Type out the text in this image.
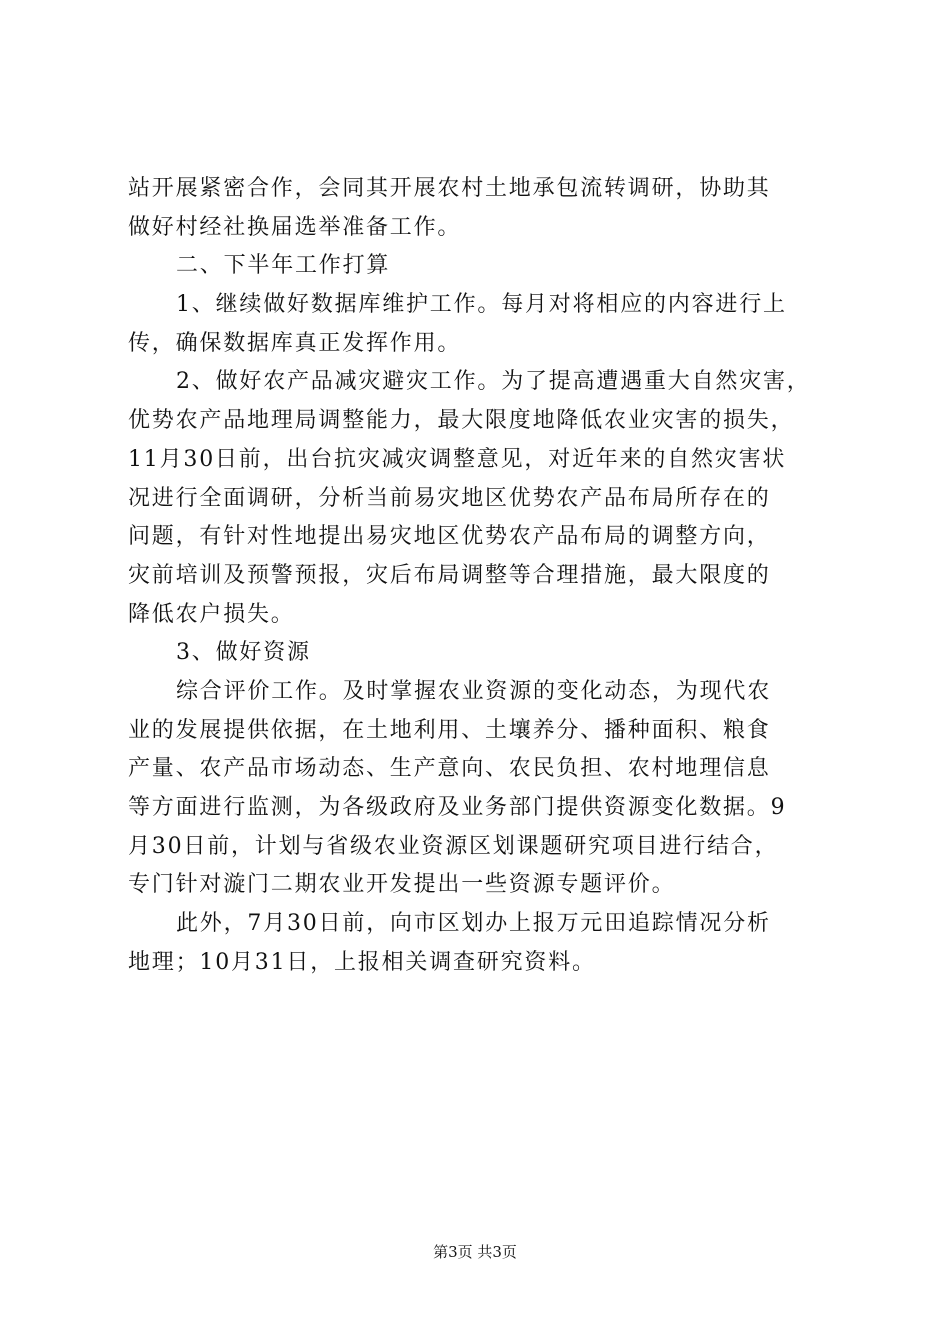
站开展紧密合作，会同其开展农村土地承包流转调研，协助其
做好村经社换届选举准备工作。
二、下半年工作打算
1、继续做好数据库维护工作。每月对将相应的内容进行上
传，确保数据库真正发挥作用。
2、做好农产品减灾避灾工作。为了提高遭遇重大自然灾害，
优势农产品地理局调整能力，最大限度地降低农业灾害的损失，
11月30日前，出台抗灾减灾调整意见，对近年来的自然灾害状
况进行全面调研，分析当前易灾地区优势农产品布局所存在的
问题，有针对性地提出易灾地区优势农产品布局的调整方向，
灾前培训及预警预报，灾后布局调整等合理措施，最大限度的
降低农户损失。
3、做好资源
综合评价工作。及时掌握农业资源的变化动态，为现代农
业的发展提供依据，在土地利用、土壤养分、播种面积、粮食
产量、农产品市场动态、生产意向、农民负担、农村地理信息
等方面进行监测，为各级政府及业务部门提供资源变化数据。9
月30日前，计划与省级农业资源区划课题研究项目进行结合，
专门针对漩门二期农业开发提出一些资源专题评价。
此外，7月30日前，向市区划办上报万元田追踪情况分析
地理；10月31日，上报相关调查研究资料。
第3页 共3页
